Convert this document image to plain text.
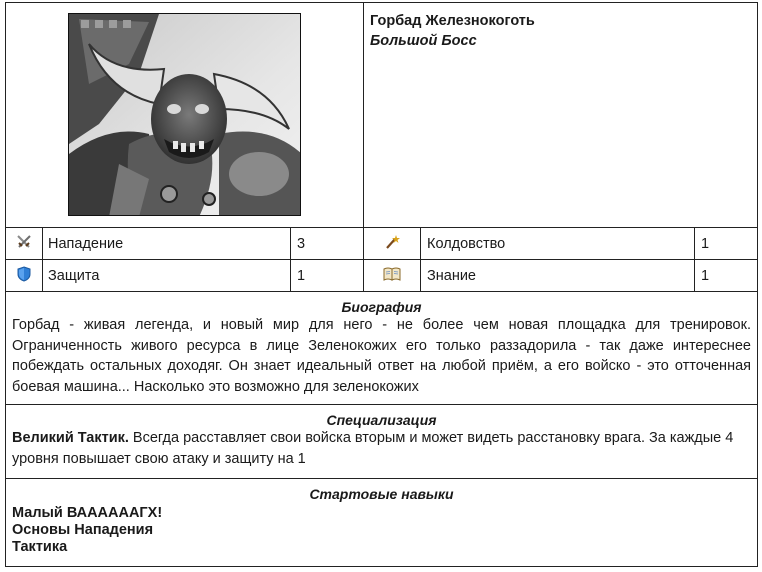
Горбад Железнокоготь
Большой Босс
Нападение	3	Колдовство	1
Защита	1	Знание	1
Биография
Горбад - живая легенда, и новый мир для него - не более чем новая площадка для тренировок. Ограниченность живого ресурса в лице Зеленокожих его только раззадорила - так даже интереснее побеждать остальных доходяг. Он знает идеальный ответ на любой приём, а его войско - это отточенная боевая машина... Насколько это возможно для зеленокожих
Специализация
Великий Тактик. Всегда расставляет свои войска вторым и может видеть расстановку врага. За каждые 4 уровня повышает свою атаку и защиту на 1
Стартовые навыки
Малый ВААААААГХ!
Основы Нападения
Тактика
